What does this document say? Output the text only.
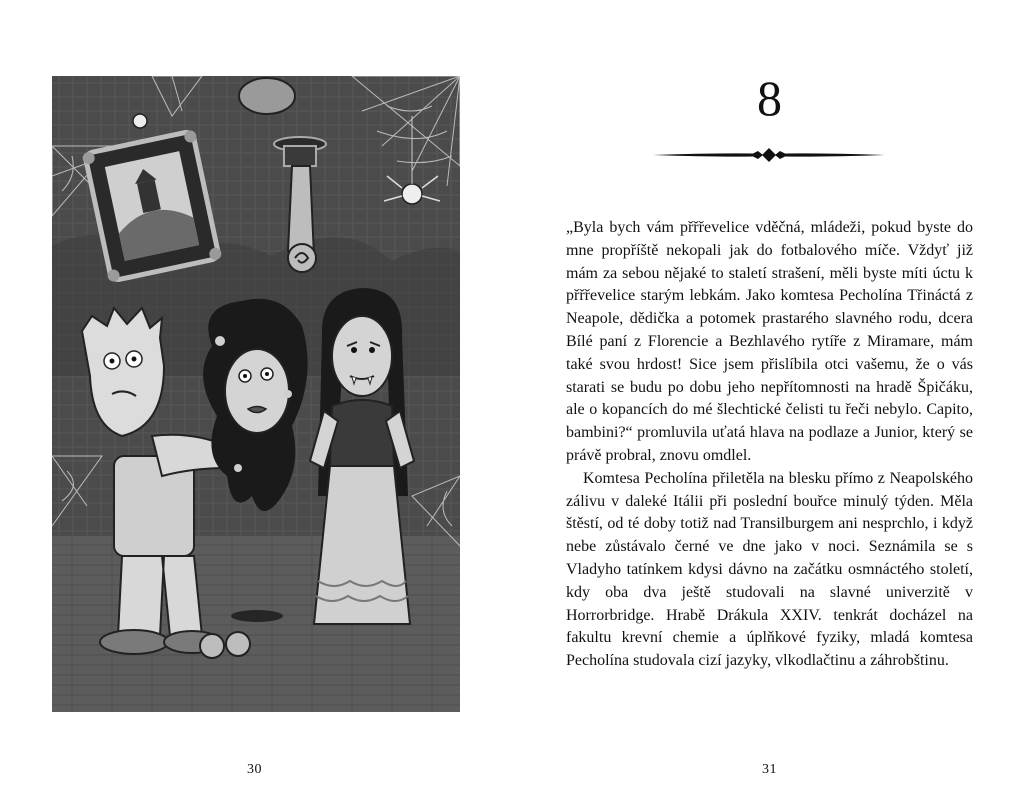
30
8

„Byla bych vám přřřevelice vděčná, mládeži, pokud byste do mne propříště nekopali jak do fotbalového míče. Vždyť již mám za sebou nějaké to staletí strašení, měli byste míti úctu k přřřevelice starým lebkám. Jako komtesa Pecholína Třináctá z Neapole, dědička a potomek prastarého slavného rodu, dcera Bílé paní z Florencie a Bezhlavého rytíře z Miramare, mám také svou hrdost! Sice jsem přislíbila otci vašemu, že o vás starati se budu po dobu jeho nepřítomnosti na hradě Špičáku, ale o kopancích do mé šlechtické čelisti tu řeči nebylo. Capito, bambini?“ promluvila uťatá hlava na podlaze a Junior, který se právě probral, znovu omdlel.

Komtesa Pecholína přiletěla na blesku přímo z Neapolského zálivu v daleké Itálii při poslední bouřce minulý týden. Měla štěstí, od té doby totiž nad Transilburgem ani nesprchlo, i když nebe zůstávalo černé ve dne jako v noci. Seznámila se s Vladyho tatínkem kdysi dávno na začátku osmnáctého století, kdy oba dva ještě studovali na slavné univerzitě v Horrorbridge. Hrabě Drákula XXIV. tenkrát docházel na fakultu krevní chemie a úplňkové fyziky, mladá komtesa Pecholína studovala cizí jazyky, vlkodlačtinu a záhrobštinu.

31
